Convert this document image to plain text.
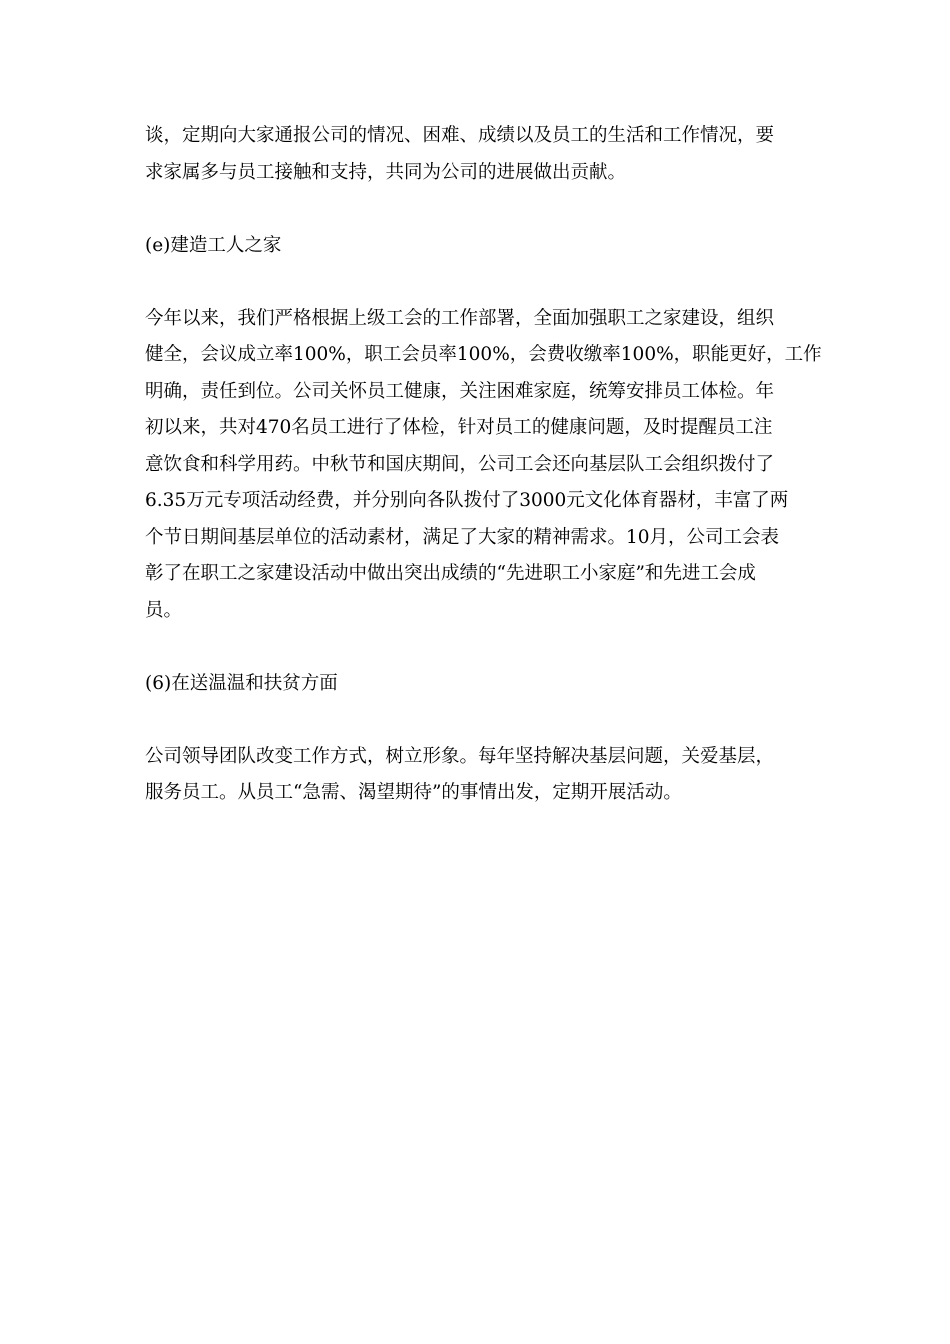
谈，定期向大家通报公司的情况、困难、成绩以及员工的生活和工作情况，要

求家属多与员工接触和支持，共同为公司的进展做出贡献。

(e)建造工人之家

今年以来，我们严格根据上级工会的工作部署，全面加强职工之家建设，组织

健全，会议成立率100%，职工会员率100%，会费收缴率100%，职能更好，工作

明确，责任到位。公司关怀员工健康，关注困难家庭，统筹安排员工体检。年

初以来，共对470名员工进行了体检，针对员工的健康问题，及时提醒员工注

意饮食和科学用药。中秋节和国庆期间，公司工会还向基层队工会组织拨付了

6.35万元专项活动经费，并分别向各队拨付了3000元文化体育器材，丰富了两

个节日期间基层单位的活动素材，满足了大家的精神需求。10月，公司工会表

彰了在职工之家建设活动中做出突出成绩的“先进职工小家庭”和先进工会成

员。

(6)在送温温和扶贫方面

公司领导团队改变工作方式，树立形象。每年坚持解决基层问题，关爱基层，

服务员工。从员工“急需、渴望期待”的事情出发，定期开展活动。
